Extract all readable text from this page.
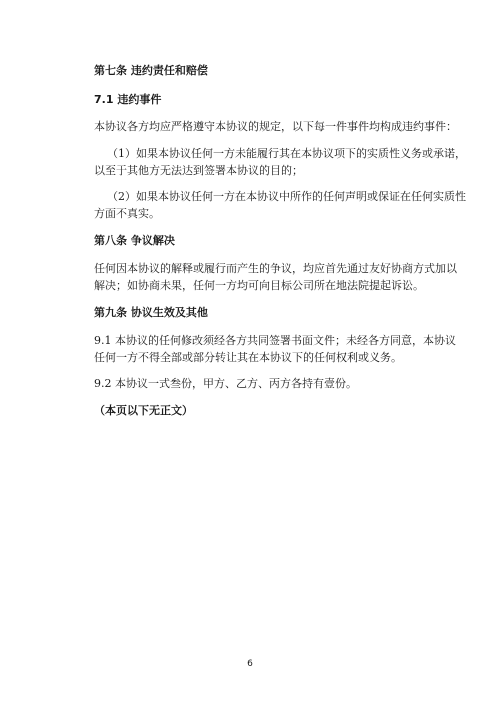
第七条 违约责任和赔偿
7.1 违约事件
本协议各方均应严格遵守本协议的规定，以下每一件事件均构成违约事件：
（1）如果本协议任何一方未能履行其在本协议项下的实质性义务或承诺，
以至于其他方无法达到签署本协议的目的；
（2）如果本协议任何一方在本协议中所作的任何声明或保证在任何实质性
方面不真实。
第八条 争议解决
任何因本协议的解释或履行而产生的争议，均应首先通过友好协商方式加以
解决；如协商未果，任何一方均可向目标公司所在地法院提起诉讼。
第九条 协议生效及其他
9.1 本协议的任何修改须经各方共同签署书面文件；未经各方同意，本协议
任何一方不得全部或部分转让其在本协议下的任何权利或义务。
9.2 本协议一式叁份，甲方、乙方、丙方各持有壹份。
（本页以下无正文）
6
